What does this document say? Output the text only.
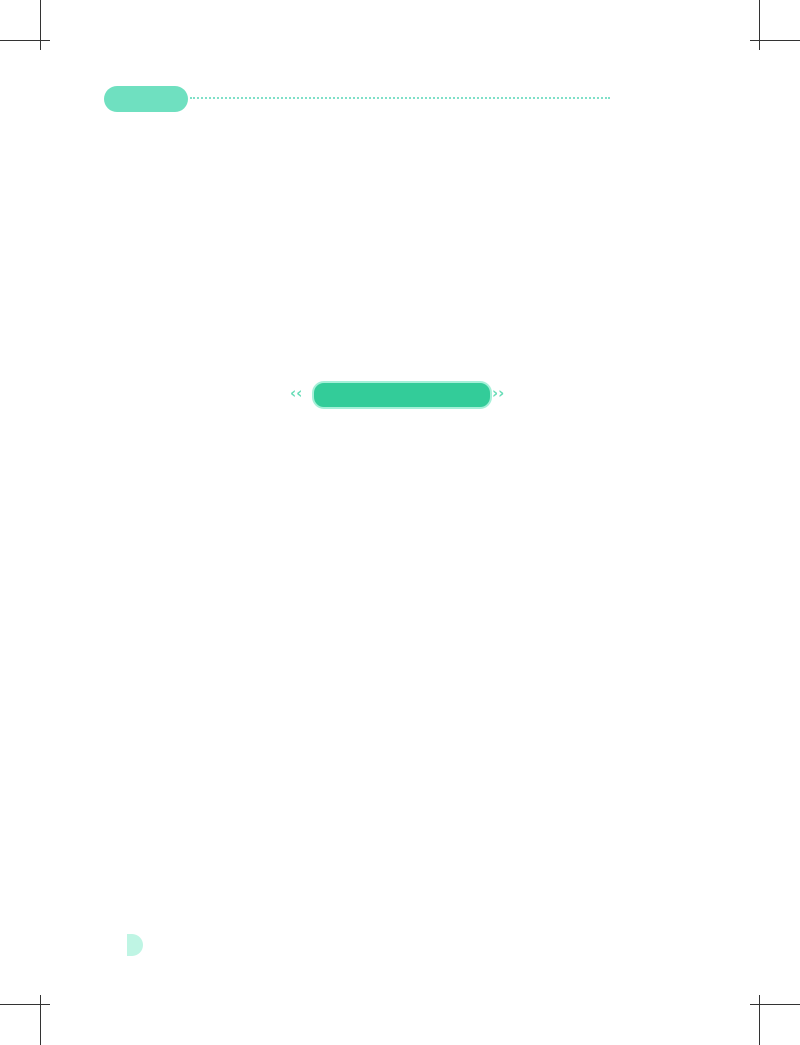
‹‹	››
